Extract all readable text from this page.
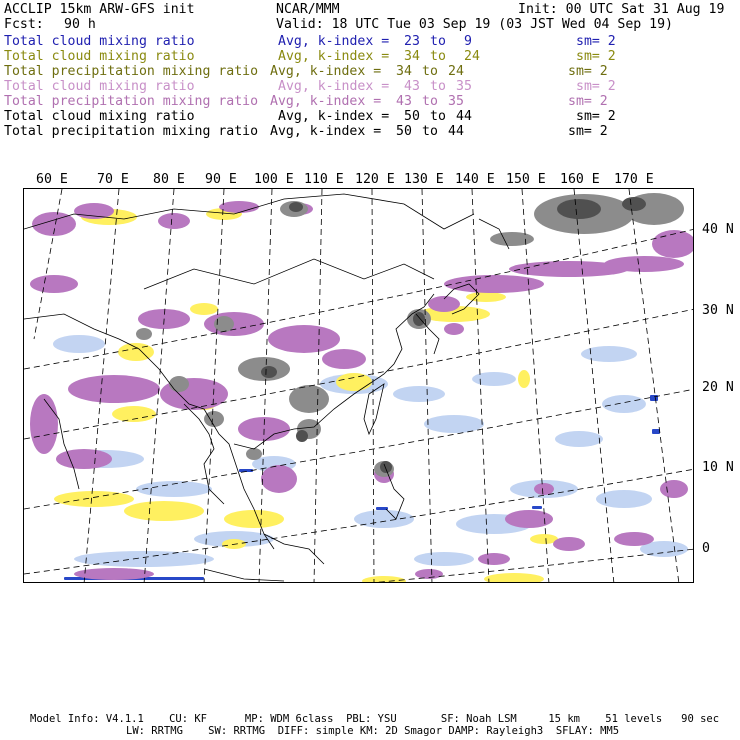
ACCLIP 15km ARW-GFS init	NCAR/MMM	Init: 00 UTC Sat 31 Aug 19
Fcst: 90 h	Valid: 18 UTC Tue 03 Sep 19 (03 JST Wed 04 Sep 19)
Total cloud mixing ratio	Avg, k-index = 23 to 9	sm= 2
Total cloud mixing ratio	Avg, k-index = 34 to 24	sm= 2
Total precipitation mixing ratio Avg, k-index = 34 to 24	sm= 2
Total cloud mixing ratio	Avg, k-index = 43 to 35	sm= 2
Total precipitation mixing ratio Avg, k-index = 43 to 35	sm= 2
Total cloud mixing ratio	Avg, k-index = 50 to 44	sm= 2
Total precipitation mixing ratio Avg, k-index = 50 to 44	sm= 2
60 E 70 E 80 E 90 E 100 E 110 E 120 E 130 E 140 E 150 E 160 E 170 E
40 N
30 N
20 N
10 N
0
Model Info: V4.1.1    CU: KF      MP: WDM 6class  PBL: YSU       SF: Noah LSM     15 km    51 levels   90 sec
LW: RRTMG    SW: RRTMG  DIFF: simple KM: 2D Smagor DAMP: Rayleigh3  SFLAY: MM5
